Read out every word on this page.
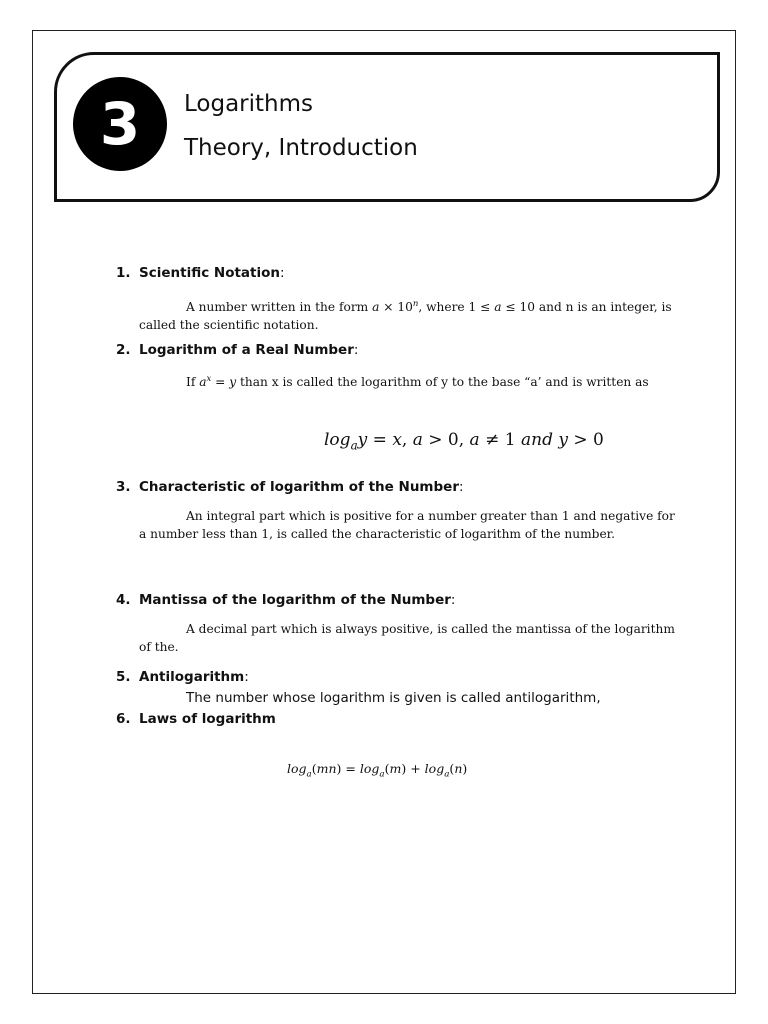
3 Logarithms
Theory, Introduction
1. Scientific Notation:
A number written in the form $a \times 10^n$, where 1 ≤ a ≤ 10 and n is an integer, is called the scientific notation.
2. Logarithm of a Real Number:
If $a^x = y$ than x is called the logarithm of y to the base “a’ and is written as
$\log_ay = x$, a > 0, a ≠ 1 and y > 0
3. Characteristic of logarithm of the Number:
An integral part which is positive for a number greater than 1 and negative for a number less than 1, is called the characteristic of logarithm of the number.
4. Mantissa of the logarithm of the Number:
A decimal part which is always positive, is called the mantissa of the logarithm of the.
5. Antilogarithm:
The number whose logarithm is given is called antilogarithm,
6. Laws of logarithm
$\log_a(mn) = \log_a(m) + \log_a(n)$
